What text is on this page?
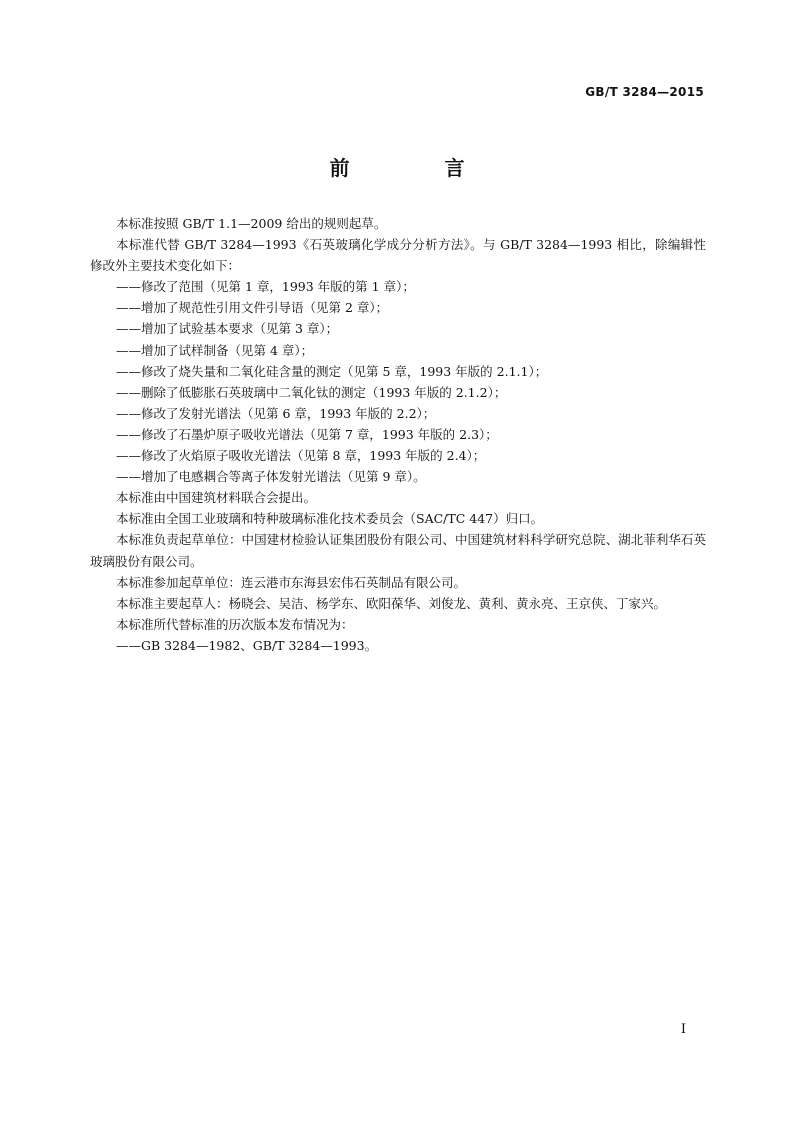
GB/T 3284—2015
前 言

本标准按照 GB/T 1.1—2009 给出的规则起草。

本标准代替 GB/T 3284—1993《石英玻璃化学成分分析方法》。与 GB/T 3284—1993 相比，除编辑性修改外主要技术变化如下：

——修改了范围（见第 1 章，1993 年版的第 1 章）；

——增加了规范性引用文件引导语（见第 2 章）；

——增加了试验基本要求（见第 3 章）；

——增加了试样制备（见第 4 章）；

——修改了烧失量和二氧化硅含量的测定（见第 5 章，1993 年版的 2.1.1）；

——删除了低膨胀石英玻璃中二氧化钛的测定（1993 年版的 2.1.2）；

——修改了发射光谱法（见第 6 章，1993 年版的 2.2）；

——修改了石墨炉原子吸收光谱法（见第 7 章，1993 年版的 2.3）；

——修改了火焰原子吸收光谱法（见第 8 章，1993 年版的 2.4）；

——增加了电感耦合等离子体发射光谱法（见第 9 章）。

本标准由中国建筑材料联合会提出。

本标准由全国工业玻璃和特种玻璃标准化技术委员会（SAC/TC 447）归口。

本标准负责起草单位：中国建材检验认证集团股份有限公司、中国建筑材料科学研究总院、湖北菲利华石英玻璃股份有限公司。

本标准参加起草单位：连云港市东海县宏伟石英制品有限公司。

本标准主要起草人：杨晓会、吴洁、杨学东、欧阳葆华、刘俊龙、黄利、黄永亮、王京侠、丁家兴。

本标准所代替标准的历次版本发布情况为：

——GB 3284—1982、GB/T 3284—1993。

I
